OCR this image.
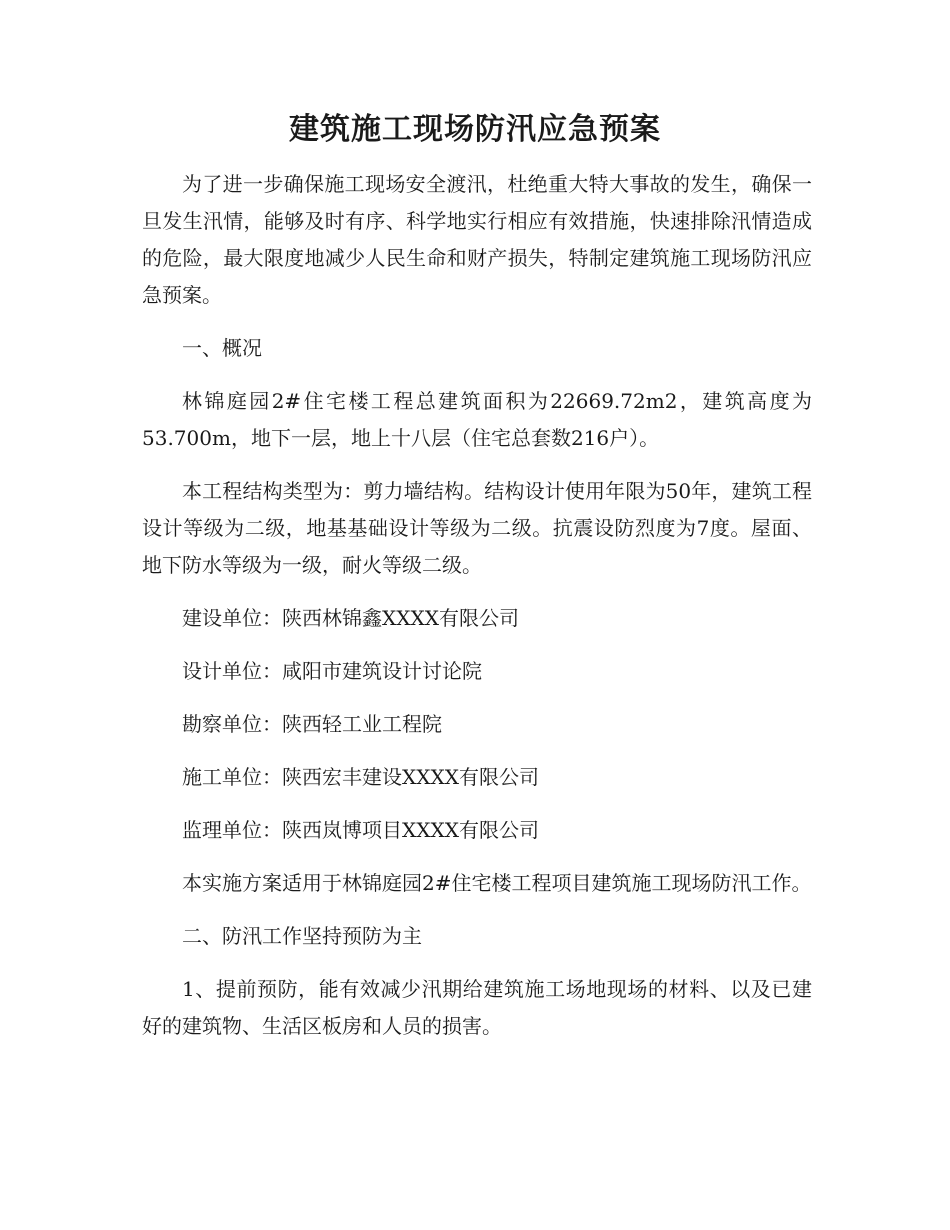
建筑施工现场防汛应急预案

为了进一步确保施工现场安全渡汛，杜绝重大特大事故的发生，确保一旦发生汛情，能够及时有序、科学地实行相应有效措施，快速排除汛情造成的危险，最大限度地减少人民生命和财产损失，特制定建筑施工现场防汛应急预案。

一、概况

林锦庭园2#住宅楼工程总建筑面积为22669.72m2，建筑高度为53.700m，地下一层，地上十八层（住宅总套数216户）。

本工程结构类型为：剪力墙结构。结构设计使用年限为50年，建筑工程设计等级为二级，地基基础设计等级为二级。抗震设防烈度为7度。屋面、地下防水等级为一级，耐火等级二级。

建设单位：陕西林锦鑫XXXX有限公司

设计单位：咸阳市建筑设计讨论院

勘察单位：陕西轻工业工程院

施工单位：陕西宏丰建设XXXX有限公司

监理单位：陕西岚博项目XXXX有限公司

本实施方案适用于林锦庭园2#住宅楼工程项目建筑施工现场防汛工作。

二、防汛工作坚持预防为主

1、提前预防，能有效减少汛期给建筑施工场地现场的材料、以及已建好的建筑物、生活区板房和人员的损害。
